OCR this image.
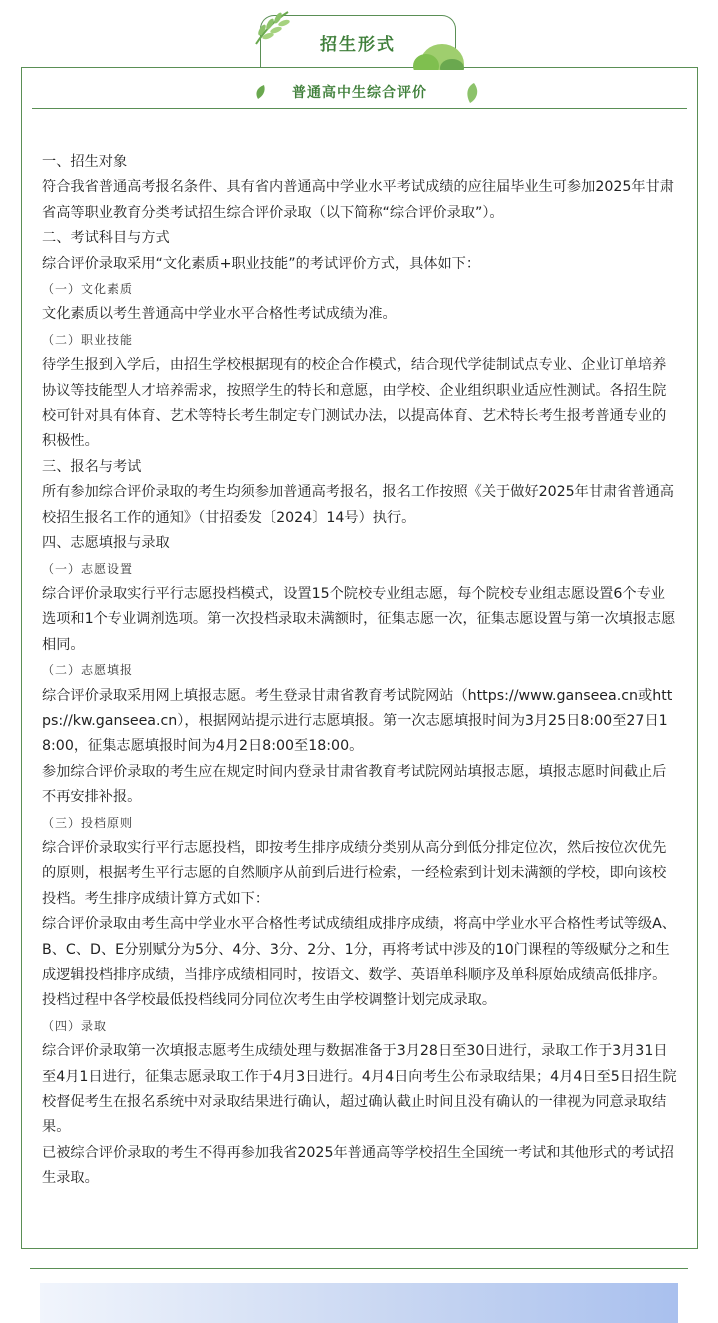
招生形式
普通高中生综合评价

一、招生对象

符合我省普通高考报名条件、具有省内普通高中学业水平考试成绩的应往届毕业生可参加2025年甘肃省高等职业教育分类考试招生综合评价录取（以下简称“综合评价录取”）。

二、考试科目与方式

综合评价录取采用“文化素质+职业技能”的考试评价方式，具体如下：

（一）文化素质

文化素质以考生普通高中学业水平合格性考试成绩为准。

（二）职业技能

待学生报到入学后，由招生学校根据现有的校企合作模式，结合现代学徒制试点专业、企业订单培养协议等技能型人才培养需求，按照学生的特长和意愿，由学校、企业组织职业适应性测试。各招生院校可针对具有体育、艺术等特长考生制定专门测试办法，以提高体育、艺术特长考生报考普通专业的积极性。

三、报名与考试

所有参加综合评价录取的考生均须参加普通高考报名，报名工作按照《关于做好2025年甘肃省普通高校招生报名工作的通知》（甘招委发〔2024〕14号）执行。

四、志愿填报与录取

（一）志愿设置

综合评价录取实行平行志愿投档模式，设置15个院校专业组志愿，每个院校专业组志愿设置6个专业选项和1个专业调剂选项。第一次投档录取未满额时，征集志愿一次，征集志愿设置与第一次填报志愿相同。

（二）志愿填报

综合评价录取采用网上填报志愿。考生登录甘肃省教育考试院网站（https://www.ganseea.cn或https://kw.ganseea.cn），根据网站提示进行志愿填报。第一次志愿填报时间为3月25日8:00至27日18:00，征集志愿填报时间为4月2日8:00至18:00。

参加综合评价录取的考生应在规定时间内登录甘肃省教育考试院网站填报志愿，填报志愿时间截止后不再安排补报。

（三）投档原则

综合评价录取实行平行志愿投档，即按考生排序成绩分类别从高分到低分排定位次，然后按位次优先的原则，根据考生平行志愿的自然顺序从前到后进行检索，一经检索到计划未满额的学校，即向该校投档。考生排序成绩计算方式如下：

综合评价录取由考生高中学业水平合格性考试成绩组成排序成绩，将高中学业水平合格性考试等级A、B、C、D、E分别赋分为5分、4分、3分、2分、1分，再将考试中涉及的10门课程的等级赋分之和生成逻辑投档排序成绩，当排序成绩相同时，按语文、数学、英语单科顺序及单科原始成绩高低排序。投档过程中各学校最低投档线同分同位次考生由学校调整计划完成录取。

（四）录取

综合评价录取第一次填报志愿考生成绩处理与数据准备于3月28日至30日进行，录取工作于3月31日至4月1日进行，征集志愿录取工作于4月3日进行。4月4日向考生公布录取结果；4月4日至5日招生院校督促考生在报名系统中对录取结果进行确认，超过确认截止时间且没有确认的一律视为同意录取结果。

已被综合评价录取的考生不得再参加我省2025年普通高等学校招生全国统一考试和其他形式的考试招生录取。
